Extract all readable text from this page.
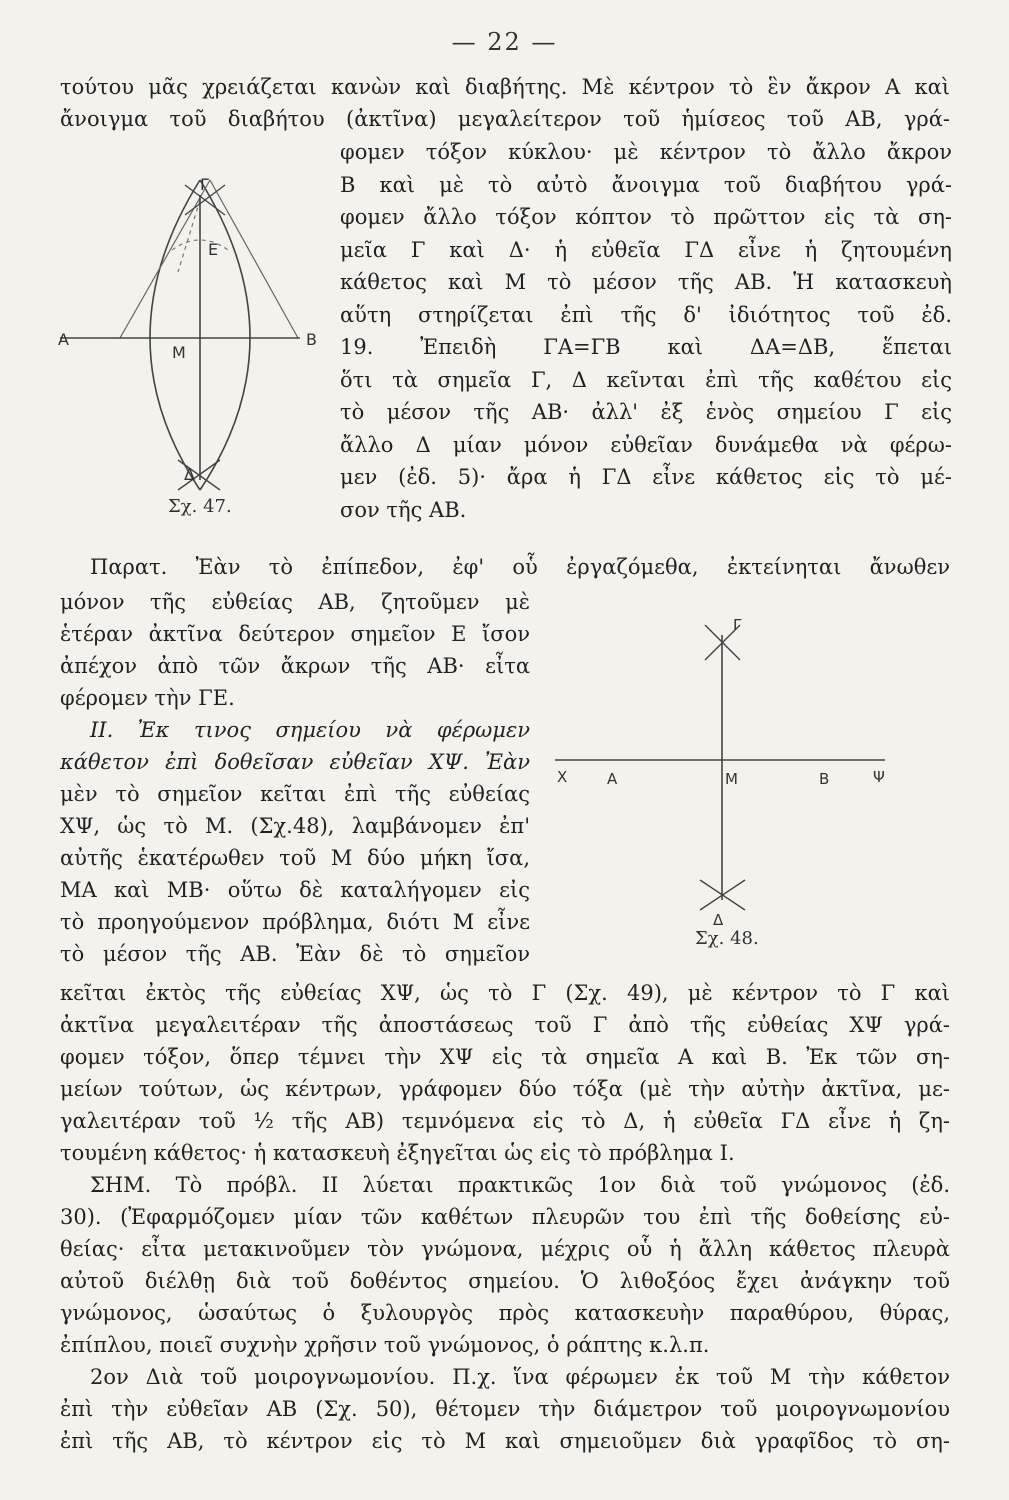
— 22 —
τούτου μᾶς χρειάζεται κανὼν καὶ διαβήτης. Μὲ κέντρον τὸ ἓν ἄκρον Α καὶ
ἄνοιγμα τοῦ διαβήτου (ἀκτῖνα) μεγαλείτερον τοῦ ἡμίσεος τοῦ ΑΒ, γρά-
Γ
Ε
Α	Β
Μ
Δ
Σχ. 47.
φομεν τόξον κύκλου· μὲ κέντρον τὸ ἄλλο ἄκρον
Β καὶ μὲ τὸ αὐτὸ ἄνοιγμα τοῦ διαβήτου γρά-
φομεν ἄλλο τόξον κόπτον τὸ πρῶττον εἰς τὰ ση-
μεῖα Γ καὶ Δ· ἡ εὐθεῖα ΓΔ εἶνε ἡ ζητουμένη
κάθετος καὶ Μ τὸ μέσον τῆς ΑΒ. Ἡ κατασκευὴ
αὕτη στηρίζεται ἐπὶ τῆς δ' ἰδιότητος τοῦ ἐδ.
19. Ἐπειδὴ ΓΑ=ΓΒ καὶ ΔΑ=ΔΒ, ἕπεται
ὅτι τὰ σημεῖα Γ, Δ κεῖνται ἐπὶ τῆς καθέτου εἰς
τὸ μέσον τῆς ΑΒ· ἀλλ' ἐξ ἑνὸς σημείου Γ εἰς
ἄλλο Δ μίαν μόνον εὐθεῖαν δυνάμεθα νὰ φέρω-
μεν (ἐδ. 5)· ἄρα ἡ ΓΔ εἶνε κάθετος εἰς τὸ μέ-
σον τῆς ΑΒ.
Παρατ. Ἐὰν τὸ ἐπίπεδον, ἐφ' οὗ ἐργαζόμεθα, ἐκτείνηται ἄνωθεν
μόνον τῆς εὐθείας ΑΒ, ζητοῦμεν μὲ
ἑτέραν ἀκτῖνα δεύτερον σημεῖον Ε ἴσον
ἀπέχον ἀπὸ τῶν ἄκρων τῆς ΑΒ· εἶτα
φέρομεν τὴν ΓΕ.
ΙΙ. Ἐκ τινος σημείου νὰ φέρωμεν
κάθετον ἐπὶ δοθεῖσαν εὐθεῖαν ΧΨ. Ἐὰν
μὲν τὸ σημεῖον κεῖται ἐπὶ τῆς εὐθείας
ΧΨ, ὡς τὸ Μ. (Σχ.48), λαμβάνομεν ἐπ'
αὐτῆς ἑκατέρωθεν τοῦ Μ δύο μήκη ἴσα,
ΜΑ καὶ ΜΒ· οὕτω δὲ καταλήγομεν εἰς
τὸ προηγούμενον πρόβλημα, διότι Μ εἶνε
τὸ μέσον τῆς ΑΒ. Ἐὰν δὲ τὸ σημεῖον
Γ
Χ	Α	Μ	Β	Ψ
Δ
Σχ. 48.
κεῖται ἐκτὸς τῆς εὐθείας ΧΨ, ὡς τὸ Γ (Σχ. 49), μὲ κέντρον τὸ Γ καὶ
ἀκτῖνα μεγαλειτέραν τῆς ἀποστάσεως τοῦ Γ ἀπὸ τῆς εὐθείας ΧΨ γρά-
φομεν τόξον, ὅπερ τέμνει τὴν ΧΨ εἰς τὰ σημεῖα Α καὶ Β. Ἐκ τῶν ση-
μείων τούτων, ὡς κέντρων, γράφομεν δύο τόξα (μὲ τὴν αὐτὴν ἀκτῖνα, με-
γαλειτέραν τοῦ ½ τῆς ΑΒ) τεμνόμενα εἰς τὸ Δ, ἡ εὐθεῖα ΓΔ εἶνε ἡ ζη-
τουμένη κάθετος· ἡ κατασκευὴ ἐξηγεῖται ὡς εἰς τὸ πρόβλημα Ι.
ΣΗΜ. Τὸ πρόβλ. ΙΙ λύεται πρακτικῶς 1ον διὰ τοῦ γνώμονος (ἐδ.
30). (Ἐφαρμόζομεν μίαν τῶν καθέτων πλευρῶν του ἐπὶ τῆς δοθείσης εὐ-
θείας· εἶτα μετακινοῦμεν τὸν γνώμονα, μέχρις οὗ ἡ ἄλλη κάθετος πλευρὰ
αὐτοῦ διέλθῃ διὰ τοῦ δοθέντος σημείου. Ὁ λιθοξόος ἔχει ἀνάγκην τοῦ
γνώμονος, ὡσαύτως ὁ ξυλουργὸς πρὸς κατασκευὴν παραθύρου, θύρας,
ἐπίπλου, ποιεῖ συχνὴν χρῆσιν τοῦ γνώμονος, ὁ ράπτης κ.λ.π.
2ον Διὰ τοῦ μοιρογνωμονίου. Π.χ. ἵνα φέρωμεν ἐκ τοῦ Μ τὴν κάθετον
ἐπὶ τὴν εὐθεῖαν ΑΒ (Σχ. 50), θέτομεν τὴν διάμετρον τοῦ μοιρογνωμονίου
ἐπὶ τῆς ΑΒ, τὸ κέντρον εἰς τὸ Μ καὶ σημειοῦμεν διὰ γραφῖδος τὸ ση-
